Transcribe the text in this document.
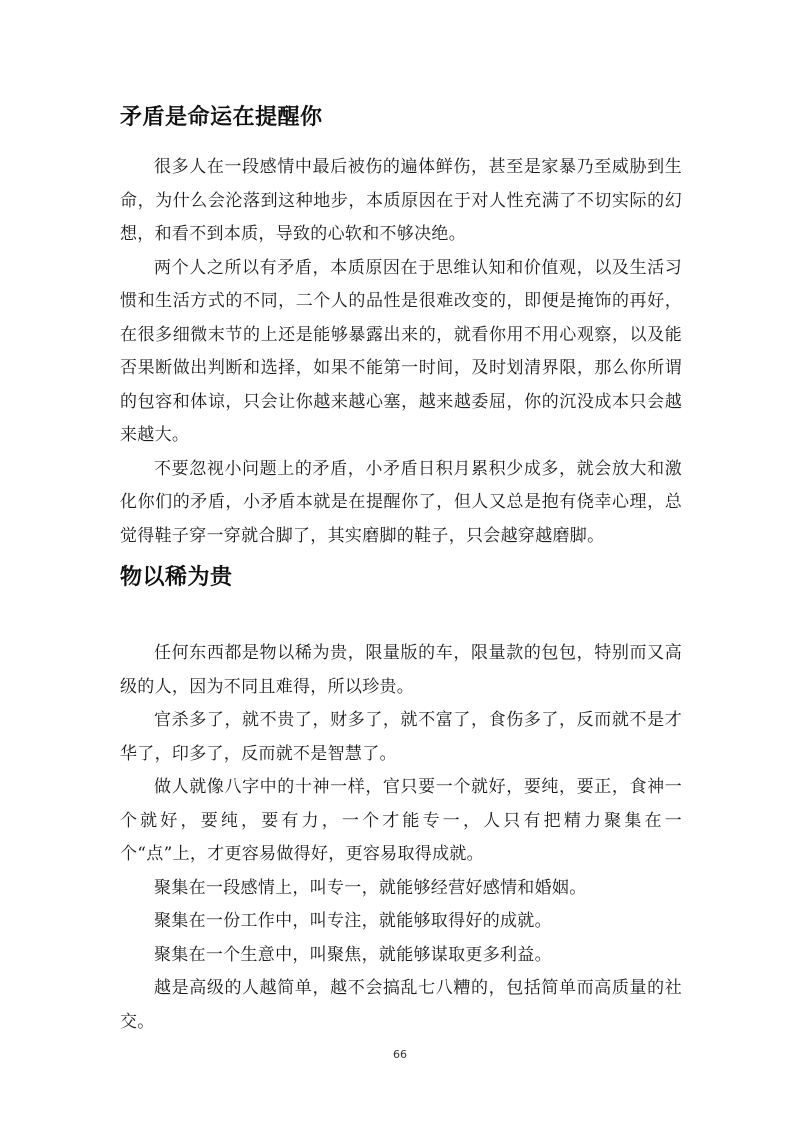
矛盾是命运在提醒你

很多人在一段感情中最后被伤的遍体鲜伤，甚至是家暴乃至威胁到生命，为什么会沦落到这种地步，本质原因在于对人性充满了不切实际的幻想，和看不到本质，导致的心软和不够决绝。

两个人之所以有矛盾，本质原因在于思维认知和价值观，以及生活习惯和生活方式的不同，二个人的品性是很难改变的，即便是掩饰的再好，在很多细微末节的上还是能够暴露出来的，就看你用不用心观察，以及能否果断做出判断和选择，如果不能第一时间，及时划清界限，那么你所谓的包容和体谅，只会让你越来越心塞，越来越委屈，你的沉没成本只会越来越大。

不要忽视小问题上的矛盾，小矛盾日积月累积少成多，就会放大和激化你们的矛盾，小矛盾本就是在提醒你了，但人又总是抱有侥幸心理，总觉得鞋子穿一穿就合脚了，其实磨脚的鞋子，只会越穿越磨脚。

物以稀为贵

任何东西都是物以稀为贵，限量版的车，限量款的包包，特别而又高级的人，因为不同且难得，所以珍贵。

官杀多了，就不贵了，财多了，就不富了，食伤多了，反而就不是才华了，印多了，反而就不是智慧了。

做人就像八字中的十神一样，官只要一个就好，要纯，要正，食神一个就好，要纯，要有力，一个才能专一，人只有把精力聚集在一个“点”上，才更容易做得好，更容易取得成就。

聚集在一段感情上，叫专一，就能够经营好感情和婚姻。

聚集在一份工作中，叫专注，就能够取得好的成就。

聚集在一个生意中，叫聚焦，就能够谋取更多利益。

越是高级的人越简单，越不会搞乱七八糟的，包括简单而高质量的社交。

66
